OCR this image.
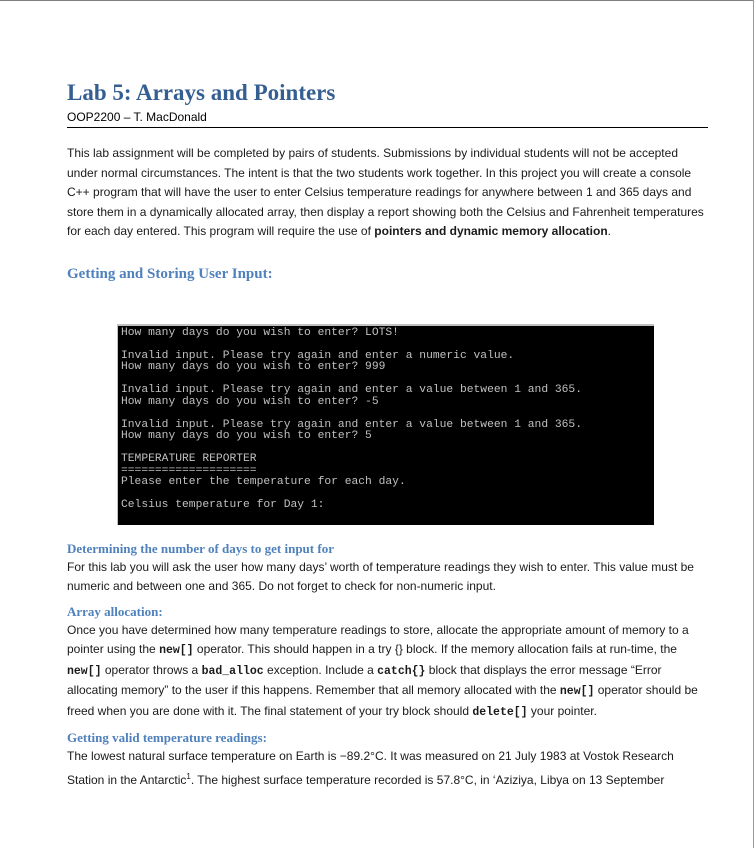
Lab 5: Arrays and Pointers
OOP2200 – T. MacDonald

This lab assignment will be completed by pairs of students. Submissions by individual students will not be accepted under normal circumstances. The intent is that the two students work together. In this project you will create a console C++ program that will have the user to enter Celsius temperature readings for anywhere between 1 and 365 days and store them in a dynamically allocated array, then display a report showing both the Celsius and Fahrenheit temperatures for each day entered. This program will require the use of pointers and dynamic memory allocation.

Getting and Storing User Input:
How many days do you wish to enter? LOTS!
Invalid input. Please try again and enter a numeric value.
How many days do you wish to enter? 999
Invalid input. Please try again and enter a value between 1 and 365.
How many days do you wish to enter? -5
Invalid input. Please try again and enter a value between 1 and 365.
How many days do you wish to enter? 5
TEMPERATURE REPORTER
====================
Please enter the temperature for each day.
Celsius temperature for Day 1:
Determining the number of days to get input for

For this lab you will ask the user how many days’ worth of temperature readings they wish to enter. This value must be numeric and between one and 365. Do not forget to check for non-numeric input.

Array allocation:

Once you have determined how many temperature readings to store, allocate the appropriate amount of memory to a pointer using the new[] operator. This should happen in a try {} block. If the memory allocation fails at run-time, the new[] operator throws a bad_alloc exception. Include a catch{} block that displays the error message “Error allocating memory” to the user if this happens. Remember that all memory allocated with the new[] operator should be freed when you are done with it. The final statement of your try block should delete[] your pointer.

Getting valid temperature readings:

The lowest natural surface temperature on Earth is −89.2°C. It was measured on 21 July 1983 at Vostok Research Station in the Antarctic$^1$. The highest surface temperature recorded is 57.8°C, in ‘Aziziya, Libya on 13 September
